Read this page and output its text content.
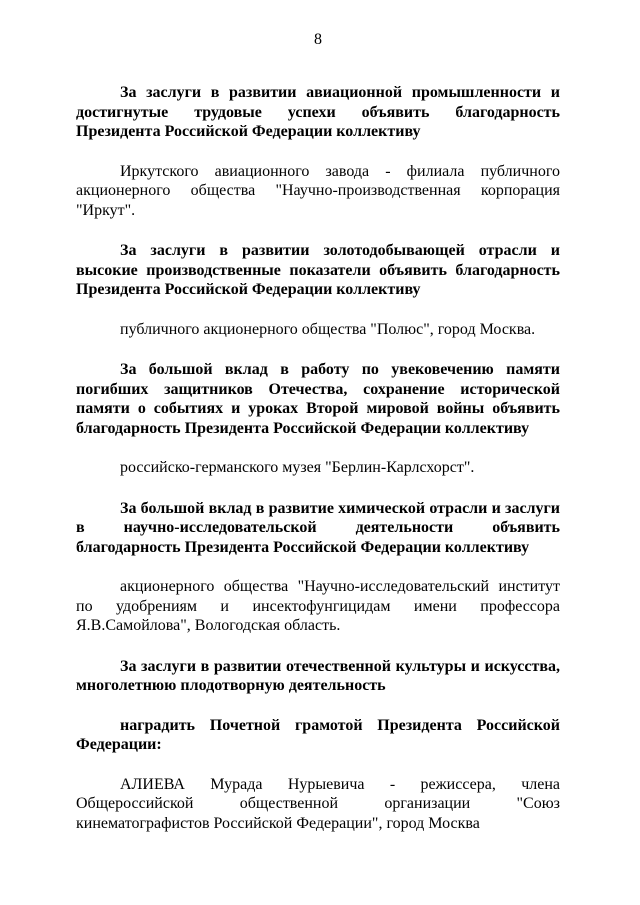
8

За заслуги в развитии авиационной промышленности и достигнутые трудовые успехи объявить благодарность Президента Российской Федерации коллективу

Иркутского авиационного завода - филиала публичного акционерного общества "Научно-производственная корпорация "Иркут".

За заслуги в развитии золотодобывающей отрасли и высокие производственные показатели объявить благодарность Президента Российской Федерации коллективу

публичного акционерного общества "Полюс", город Москва.

За большой вклад в работу по увековечению памяти погибших защитников Отечества, сохранение исторической памяти о событиях и уроках Второй мировой войны объявить благодарность Президента Российской Федерации коллективу

российско-германского музея "Берлин-Карлсхорст".

За большой вклад в развитие химической отрасли и заслуги в научно-исследовательской деятельности объявить благодарность Президента Российской Федерации коллективу

акционерного общества "Научно-исследовательский институт по удобрениям и инсектофунгицидам имени профессора Я.В.Самойлова", Вологодская область.

За заслуги в развитии отечественной культуры и искусства, многолетнюю плодотворную деятельность

наградить Почетной грамотой Президента Российской Федерации:

АЛИЕВА Мурада Нурыевича - режиссера, члена Общероссийской общественной организации "Союз кинематографистов Российской Федерации", город Москва
